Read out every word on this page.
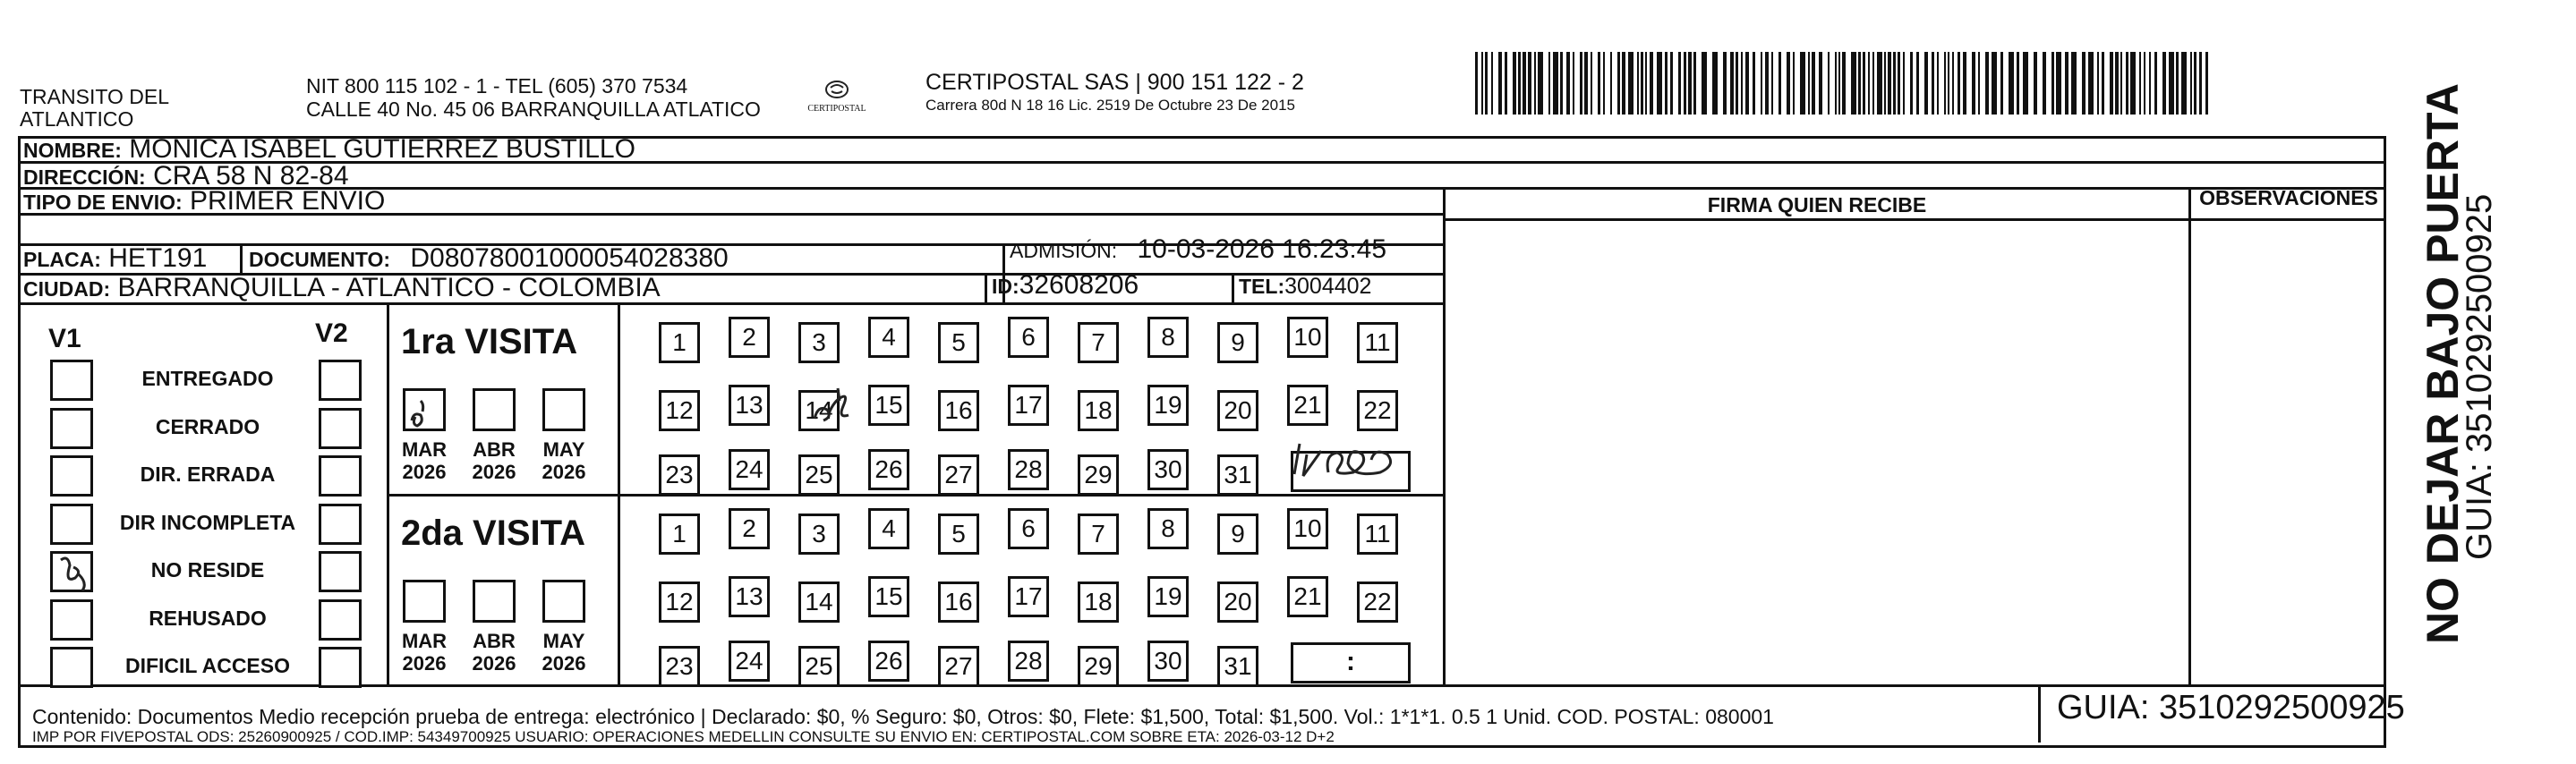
TRANSITO DEL ATLANTICO
NIT 800 115 102 - 1 - TEL (605) 370 7534
CALLE 40 No. 45 06 BARRANQUILLA ATLATICO	CERTIPOSTAL
CERTIPOSTAL SAS | 900 151 122 - 2
Carrera 80d N 18 16 Lic. 2519 De Octubre 23 De 2015
NOMBRE: MONICA ISABEL GUTIERREZ BUSTILLO
DIRECCIÓN: CRA 58 N 82-84
TIPO DE ENVIO: PRIMER ENVIO
PLACA: HET191 DOCUMENTO: D08078001000054028380	ADMISIÓN: 10-03-2026 16:23:45
CIUDAD: BARRANQUILLA - ATLANTICO - COLOMBIA	ID:32608206	TEL:3004402
FIRMA QUIEN RECIBE	OBSERVACIONES
V1	V2
ENTREGADO
CERRADO
DIR. ERRADA
DIR INCOMPLETA
NO RESIDE
REHUSADO
DIFICIL ACCESO
1ra VISITA
MAR
2026
ABR
2026
MAY
2026
1	2	3	4	5	6	7	8	9	10	11
12 13 14 15 16 17 18 19 20 21 22
23 24 25 26 27 28 29 30 31
2da VISITA
MAR
2026
ABR
2026
MAY
2026
1	2	3	4	5	6	7	8	9	10	11
12 13 14 15 16 17 18 19 20 21 22
23 24 25 26 27 28 29 30 31	:
Contenido: Documentos Medio recepción prueba de entrega: electrónico | Declarado: $0, % Seguro: $0, Otros: $0, Flete: $1,500, Total: $1,500. Vol.: 1*1*1. 0.5 1 Unid. COD. POSTAL: 080001
IMP POR FIVEPOSTAL ODS: 25260900925 / COD.IMP: 54349700925 USUARIO: OPERACIONES MEDELLIN CONSULTE SU ENVIO EN: CERTIPOSTAL.COM SOBRE ETA: 2026-03-12 D+2
GUIA: 3510292500925
NO DEJAR BAJO PUERTA
GUIA: 3510292500925
